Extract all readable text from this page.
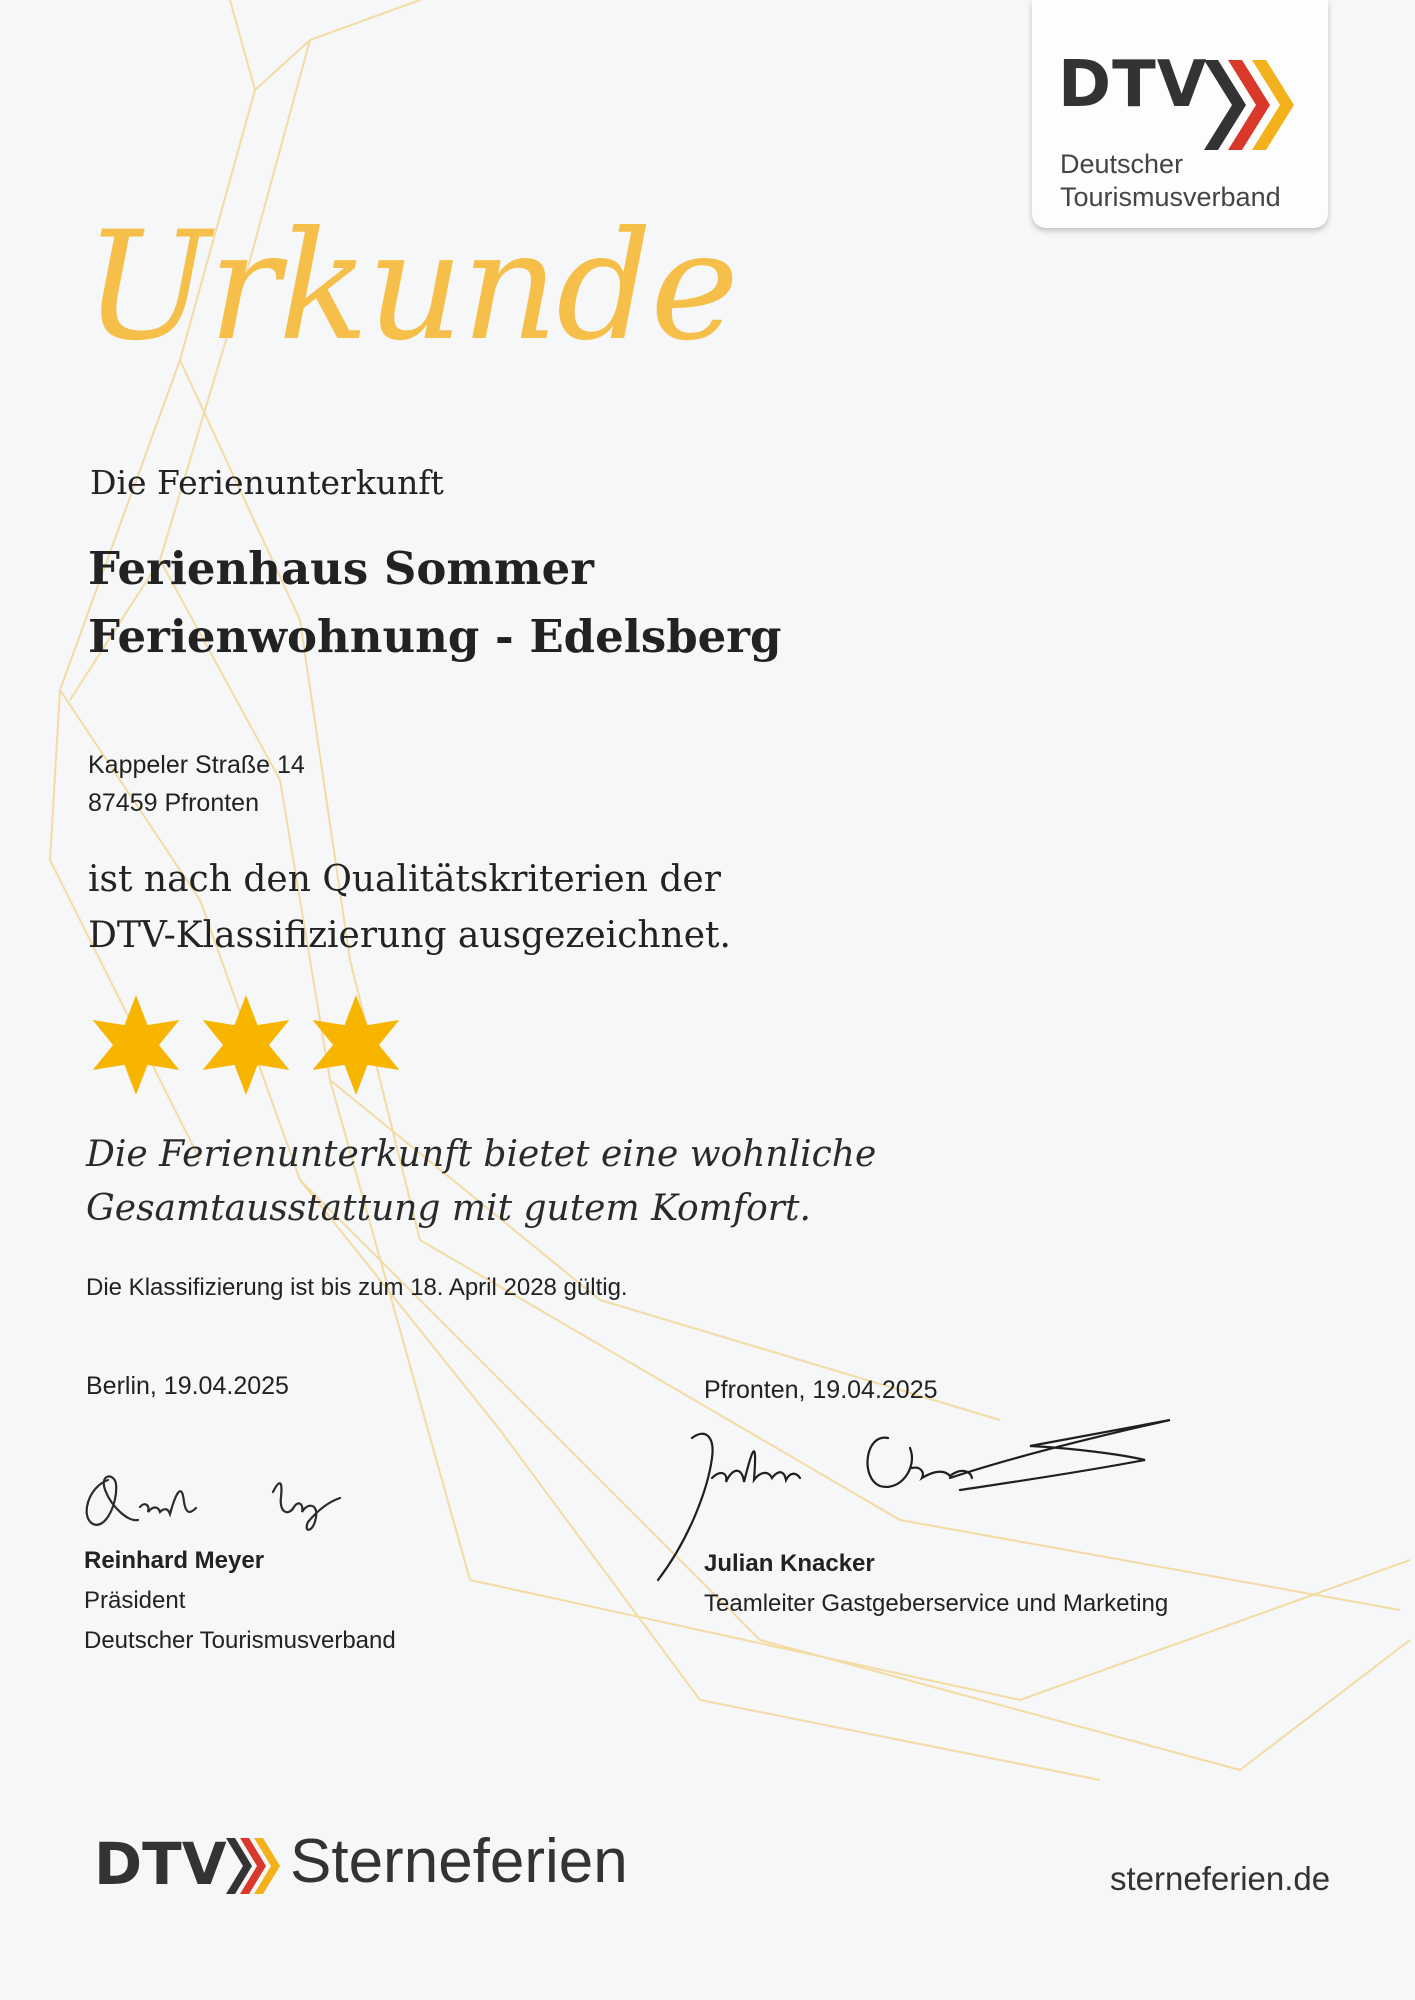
DTV
Deutscher
Tourismusverband
Urkunde
Die Ferienunterkunft
Ferienhaus Sommer
Ferienwohnung - Edelsberg
Kappeler Straße 14
87459 Pfronten
ist nach den Qualitätskriterien der
DTV-Klassifizierung ausgezeichnet.
Die Ferienunterkunft bietet eine wohnliche
Gesamtausstattung mit gutem Komfort.
Die Klassifizierung ist bis zum 18. April 2028 gültig.
Berlin, 19.04.2025	Pfronten, 19.04.2025
Reinhard Meyer
Präsident
Deutscher Tourismusverband
Julian Knacker
Teamleiter Gastgeberservice und Marketing
DTV Sterneferien	sterneferien.de
